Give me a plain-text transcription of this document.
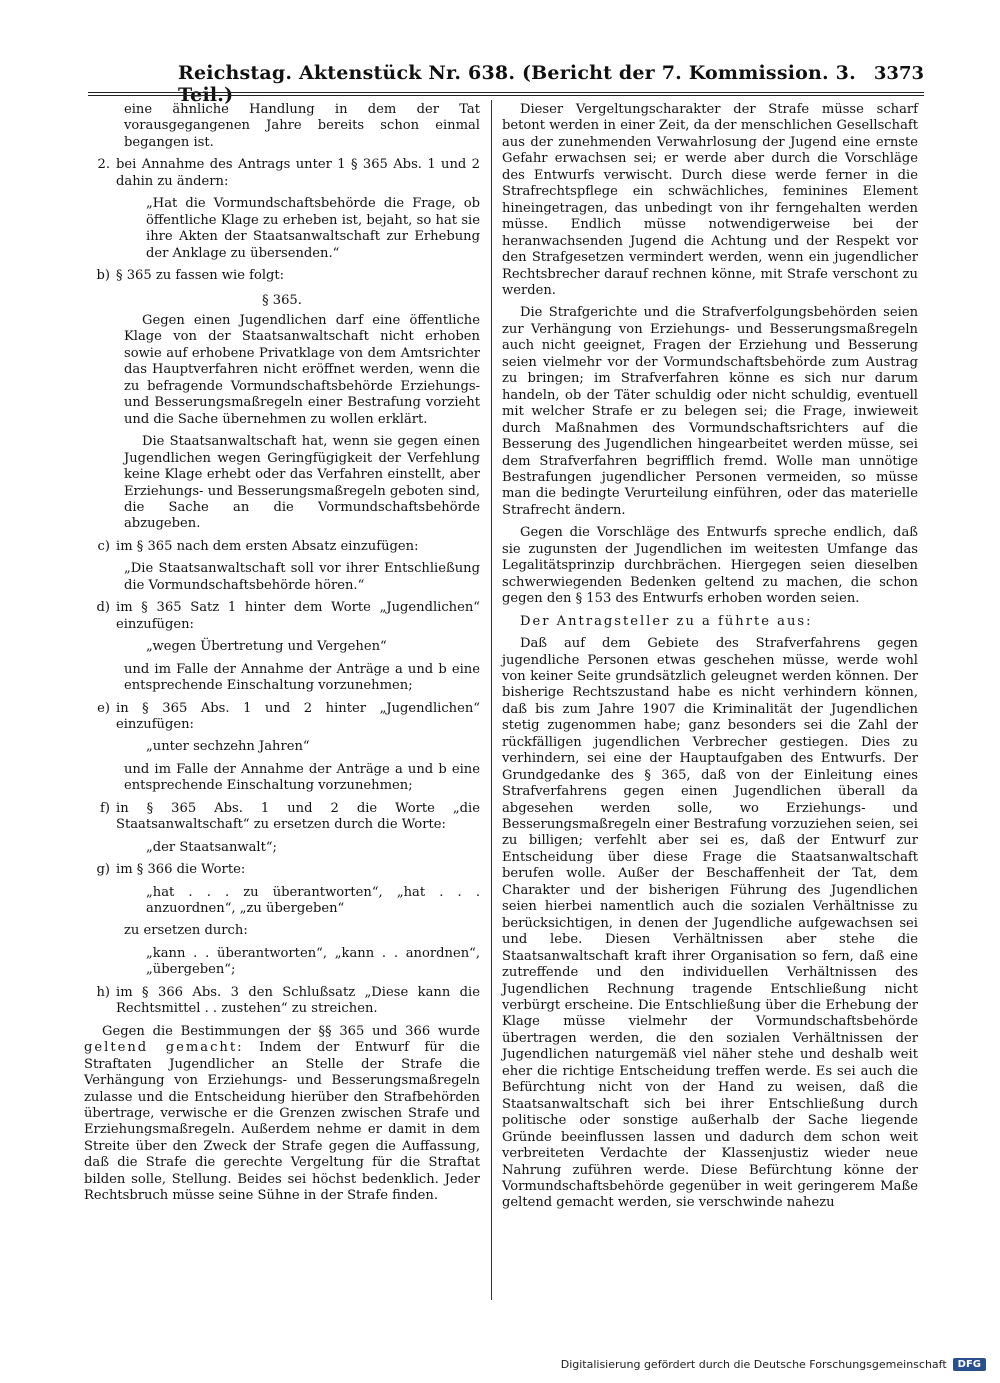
Reichstag. Aktenstück Nr. 638. (Bericht der 7. Kommission. 3. Teil.)
3373

eine ähnliche Handlung in dem der Tat vorausgegangenen Jahre bereits schon einmal begangen ist.

2. bei Annahme des Antrags unter 1 § 365 Abs. 1 und 2 dahin zu ändern:

„Hat die Vormundschaftsbehörde die Frage, ob öffentliche Klage zu erheben ist, bejaht, so hat sie ihre Akten der Staatsanwaltschaft zur Erhebung der Anklage zu übersenden.“

b) § 365 zu fassen wie folgt:
§ 365.

Gegen einen Jugendlichen darf eine öffentliche Klage von der Staatsanwaltschaft nicht erhoben sowie auf erhobene Privatklage von dem Amtsrichter das Hauptverfahren nicht eröffnet werden, wenn die zu befragende Vormundschaftsbehörde Erziehungs- und Besserungsmaßregeln einer Bestrafung vorzieht und die Sache übernehmen zu wollen erklärt.

Die Staatsanwaltschaft hat, wenn sie gegen einen Jugendlichen wegen Geringfügigkeit der Verfehlung keine Klage erhebt oder das Verfahren einstellt, aber Erziehungs- und Besserungsmaßregeln geboten sind, die Sache an die Vormundschaftsbehörde abzugeben.

c) im § 365 nach dem ersten Absatz einzufügen:

„Die Staatsanwaltschaft soll vor ihrer Entschließung die Vormundschaftsbehörde hören.“

d) im § 365 Satz 1 hinter dem Worte „Jugendlichen“ einzufügen:

„wegen Übertretung und Vergehen“

und im Falle der Annahme der Anträge a und b eine entsprechende Einschaltung vorzunehmen;

e) in § 365 Abs. 1 und 2 hinter „Jugendlichen“ einzufügen:

„unter sechzehn Jahren“

und im Falle der Annahme der Anträge a und b eine entsprechende Einschaltung vorzunehmen;

f) in § 365 Abs. 1 und 2 die Worte „die Staatsanwaltschaft“ zu ersetzen durch die Worte:

„der Staatsanwalt“;

g) im § 366 die Worte:

„hat . . . zu überantworten“, „hat . . . anzuordnen“, „zu übergeben“

zu ersetzen durch:

„kann . . überantworten“, „kann . . anordnen“, „übergeben“;

h) im § 366 Abs. 3 den Schlußsatz „Diese kann die Rechtsmittel . . zustehen“ zu streichen.

Gegen die Bestimmungen der §§ 365 und 366 wurde geltend gemacht: Indem der Entwurf für die Straftaten Jugendlicher an Stelle der Strafe die Verhängung von Erziehungs- und Besserungsmaßregeln zulasse und die Entscheidung hierüber den Strafbehörden übertrage, verwische er die Grenzen zwischen Strafe und Erziehungsmaßregeln. Außerdem nehme er damit in dem Streite über den Zweck der Strafe gegen die Auffassung, daß die Strafe die gerechte Vergeltung für die Straftat bilden solle, Stellung. Beides sei höchst bedenklich. Jeder Rechtsbruch müsse seine Sühne in der Strafe finden.

Dieser Vergeltungscharakter der Strafe müsse scharf betont werden in einer Zeit, da der menschlichen Gesellschaft aus der zunehmenden Verwahrlosung der Jugend eine ernste Gefahr erwachsen sei; er werde aber durch die Vorschläge des Entwurfs verwischt. Durch diese werde ferner in die Strafrechtspflege ein schwächliches, feminines Element hineingetragen, das unbedingt von ihr ferngehalten werden müsse. Endlich müsse notwendigerweise bei der heranwachsenden Jugend die Achtung und der Respekt vor den Strafgesetzen vermindert werden, wenn ein jugendlicher Rechtsbrecher darauf rechnen könne, mit Strafe verschont zu werden.

Die Strafgerichte und die Strafverfolgungsbehörden seien zur Verhängung von Erziehungs- und Besserungsmaßregeln auch nicht geeignet, Fragen der Erziehung und Besserung seien vielmehr vor der Vormundschaftsbehörde zum Austrag zu bringen; im Strafverfahren könne es sich nur darum handeln, ob der Täter schuldig oder nicht schuldig, eventuell mit welcher Strafe er zu belegen sei; die Frage, inwieweit durch Maßnahmen des Vormundschaftsrichters auf die Besserung des Jugendlichen hingearbeitet werden müsse, sei dem Strafverfahren begrifflich fremd. Wolle man unnötige Bestrafungen jugendlicher Personen vermeiden, so müsse man die bedingte Verurteilung einführen, oder das materielle Strafrecht ändern.

Gegen die Vorschläge des Entwurfs spreche endlich, daß sie zugunsten der Jugendlichen im weitesten Umfange das Legalitätsprinzip durchbrächen. Hiergegen seien dieselben schwerwiegenden Bedenken geltend zu machen, die schon gegen den § 153 des Entwurfs erhoben worden seien.

Der Antragsteller zu a führte aus:

Daß auf dem Gebiete des Strafverfahrens gegen jugendliche Personen etwas geschehen müsse, werde wohl von keiner Seite grundsätzlich geleugnet werden können. Der bisherige Rechtszustand habe es nicht verhindern können, daß bis zum Jahre 1907 die Kriminalität der Jugendlichen stetig zugenommen habe; ganz besonders sei die Zahl der rückfälligen jugendlichen Verbrecher gestiegen. Dies zu verhindern, sei eine der Hauptaufgaben des Entwurfs. Der Grundgedanke des § 365, daß von der Einleitung eines Strafverfahrens gegen einen Jugendlichen überall da abgesehen werden solle, wo Erziehungs- und Besserungsmaßregeln einer Bestrafung vorzuziehen seien, sei zu billigen; verfehlt aber sei es, daß der Entwurf zur Entscheidung über diese Frage die Staatsanwaltschaft berufen wolle. Außer der Beschaffenheit der Tat, dem Charakter und der bisherigen Führung des Jugendlichen seien hierbei namentlich auch die sozialen Verhältnisse zu berücksichtigen, in denen der Jugendliche aufgewachsen sei und lebe. Diesen Verhältnissen aber stehe die Staatsanwaltschaft kraft ihrer Organisation so fern, daß eine zutreffende und den individuellen Verhältnissen des Jugendlichen Rechnung tragende Entschließung nicht verbürgt erscheine. Die Entschließung über die Erhebung der Klage müsse vielmehr der Vormundschaftsbehörde übertragen werden, die den sozialen Verhältnissen der Jugendlichen naturgemäß viel näher stehe und deshalb weit eher die richtige Entscheidung treffen werde. Es sei auch die Befürchtung nicht von der Hand zu weisen, daß die Staatsanwaltschaft sich bei ihrer Entschließung durch politische oder sonstige außerhalb der Sache liegende Gründe beeinflussen lassen und dadurch dem schon weit verbreiteten Verdachte der Klassenjustiz wieder neue Nahrung zuführen werde. Diese Befürchtung könne der Vormundschaftsbehörde gegenüber in weit geringerem Maße geltend gemacht werden, sie verschwinde nahezu

Digitalisierung gefördert durch die Deutsche Forschungsgemeinschaft	DFG
